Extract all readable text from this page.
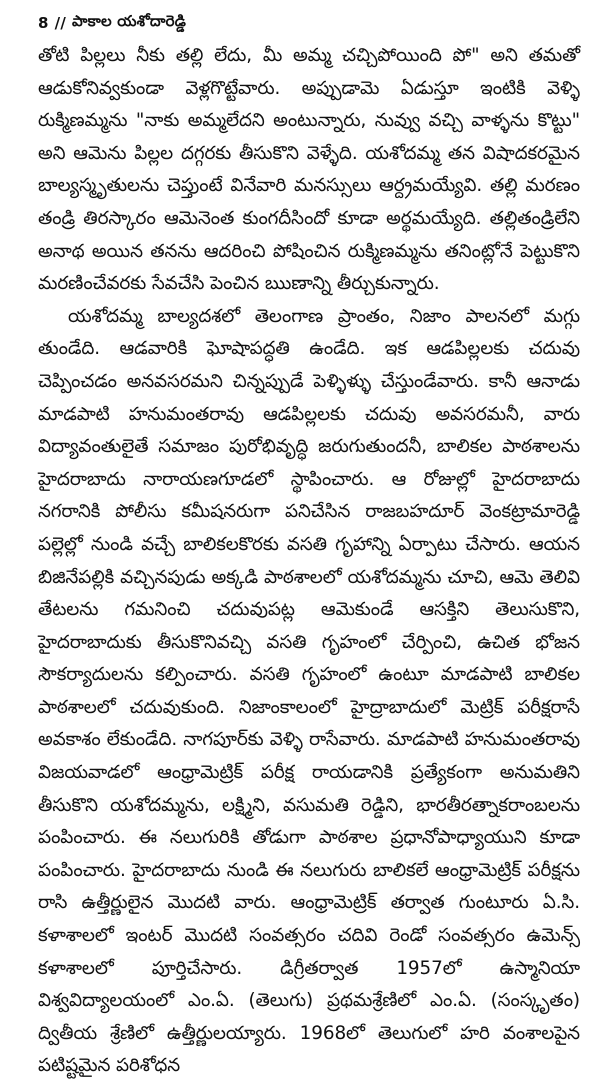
8 // పాకాల యశోదారెడ్డి

తోటి పిల్లలు నీకు తల్లి లేదు, మీ అమ్మ చచ్చిపోయింది పో" అని తమతో ఆడుకోనివ్వకుండా వెళ్లగొట్టేవారు. అప్పుడామె ఏడుస్తూ ఇంటికి వెళ్ళి రుక్మిణమ్మను "నాకు అమ్మలేదని అంటున్నారు, నువ్వు వచ్చి వాళ్ళను కొట్టు" అని ఆమెను పిల్లల దగ్గరకు తీసుకొని వెళ్ళేది. యశోదమ్మ తన విషాదకరమైన బాల్యస్మృతులను చెప్తుంటే వినేవారి మనస్సులు ఆర్ద్రమయ్యేవి. తల్లి మరణం తండ్రి తిరస్కారం ఆమెనెంత కుంగదీసిందో కూడా అర్థమయ్యేది. తల్లితండ్రిలేని అనాథ అయిన తనను ఆదరించి పోషించిన రుక్మిణమ్మను తనింట్లోనే పెట్టుకొని మరణించేవరకు సేవచేసి పెంచిన ఋణాన్ని తీర్చుకున్నారు.

యశోదమ్మ బాల్యదశలో తెలంగాణ ప్రాంతం, నిజాం పాలనలో మగ్గు తుండేది. ఆడవారికి ఘోషాపద్ధతి ఉండేది. ఇక ఆడపిల్లలకు చదువు చెప్పించడం అనవసరమని చిన్నప్పుడే పెళ్ళిళ్ళు చేస్తుండేవారు. కానీ ఆనాడు మాడపాటి హనుమంతరావు ఆడపిల్లలకు చదువు అవసరమనీ, వారు విద్యావంతులైతే సమాజం పురోభివృద్ధి జరుగుతుందనీ, బాలికల పాఠశాలను హైదరాబాదు నారాయణగూడలో స్థాపించారు. ఆ రోజుల్లో హైదరాబాదు నగరానికి పోలీసు కమీషనరుగా పనిచేసిన రాజబహదూర్ వెంకట్రామారెడ్డి పల్లెల్లో నుండి వచ్చే బాలికలకొరకు వసతి గృహాన్ని ఏర్పాటు చేసారు. ఆయన బిజినేపల్లికి వచ్చినపుడు అక్కడి పాఠశాలలో యశోదమ్మను చూచి, ఆమె తెలివి తేటలను గమనించి చదువుపట్ల ఆమెకుండే ఆసక్తిని తెలుసుకొని, హైదరాబాదుకు తీసుకొనివచ్చి వసతి గృహంలో చేర్పించి, ఉచిత భోజన సౌకర్యాదులను కల్పించారు. వసతి గృహంలో ఉంటూ మాడపాటి బాలికల పాఠశాలలో చదువుకుంది. నిజాంకాలంలో హైద్రాబాదులో మెట్రిక్ పరీక్షరాసే అవకాశం లేకుండేది. నాగపూర్‌కు వెళ్ళి రాసేవారు. మాడపాటి హనుమంతరావు విజయవాడలో ఆంధ్రామెట్రిక్ పరీక్ష రాయడానికి ప్రత్యేకంగా అనుమతిని తీసుకొని యశోదమ్మను, లక్ష్మిని, వసుమతి రెడ్డిని, భారతీరత్నాకరాంబలను పంపించారు. ఈ నలుగురికి తోడుగా పాఠశాల ప్రధానోపాధ్యాయుని కూడా పంపించారు. హైదరాబాదు నుండి ఈ నలుగురు బాలికలే ఆంధ్రామెట్రిక్ పరీక్షను రాసి ఉత్తీర్ణులైన మొదటి వారు. ఆంధ్రామెట్రిక్ తర్వాత గుంటూరు ఏ.సి. కళాశాలలో ఇంటర్ మొదటి సంవత్సరం చదివి రెండో సంవత్సరం ఉమెన్స్ కళాశాలలో పూర్తిచేసారు. డిగ్రీతర్వాత 1957లో ఉస్మానియా విశ్వవిద్యాలయంలో ఎం.ఏ. (తెలుగు) ప్రథమశ్రేణిలో ఎం.ఏ. (సంస్కృతం) ద్వితీయ శ్రేణిలో ఉత్తీర్ణులయ్యారు. 1968లో తెలుగులో హరి వంశాలపైన పటిష్టమైన పరిశోధన
